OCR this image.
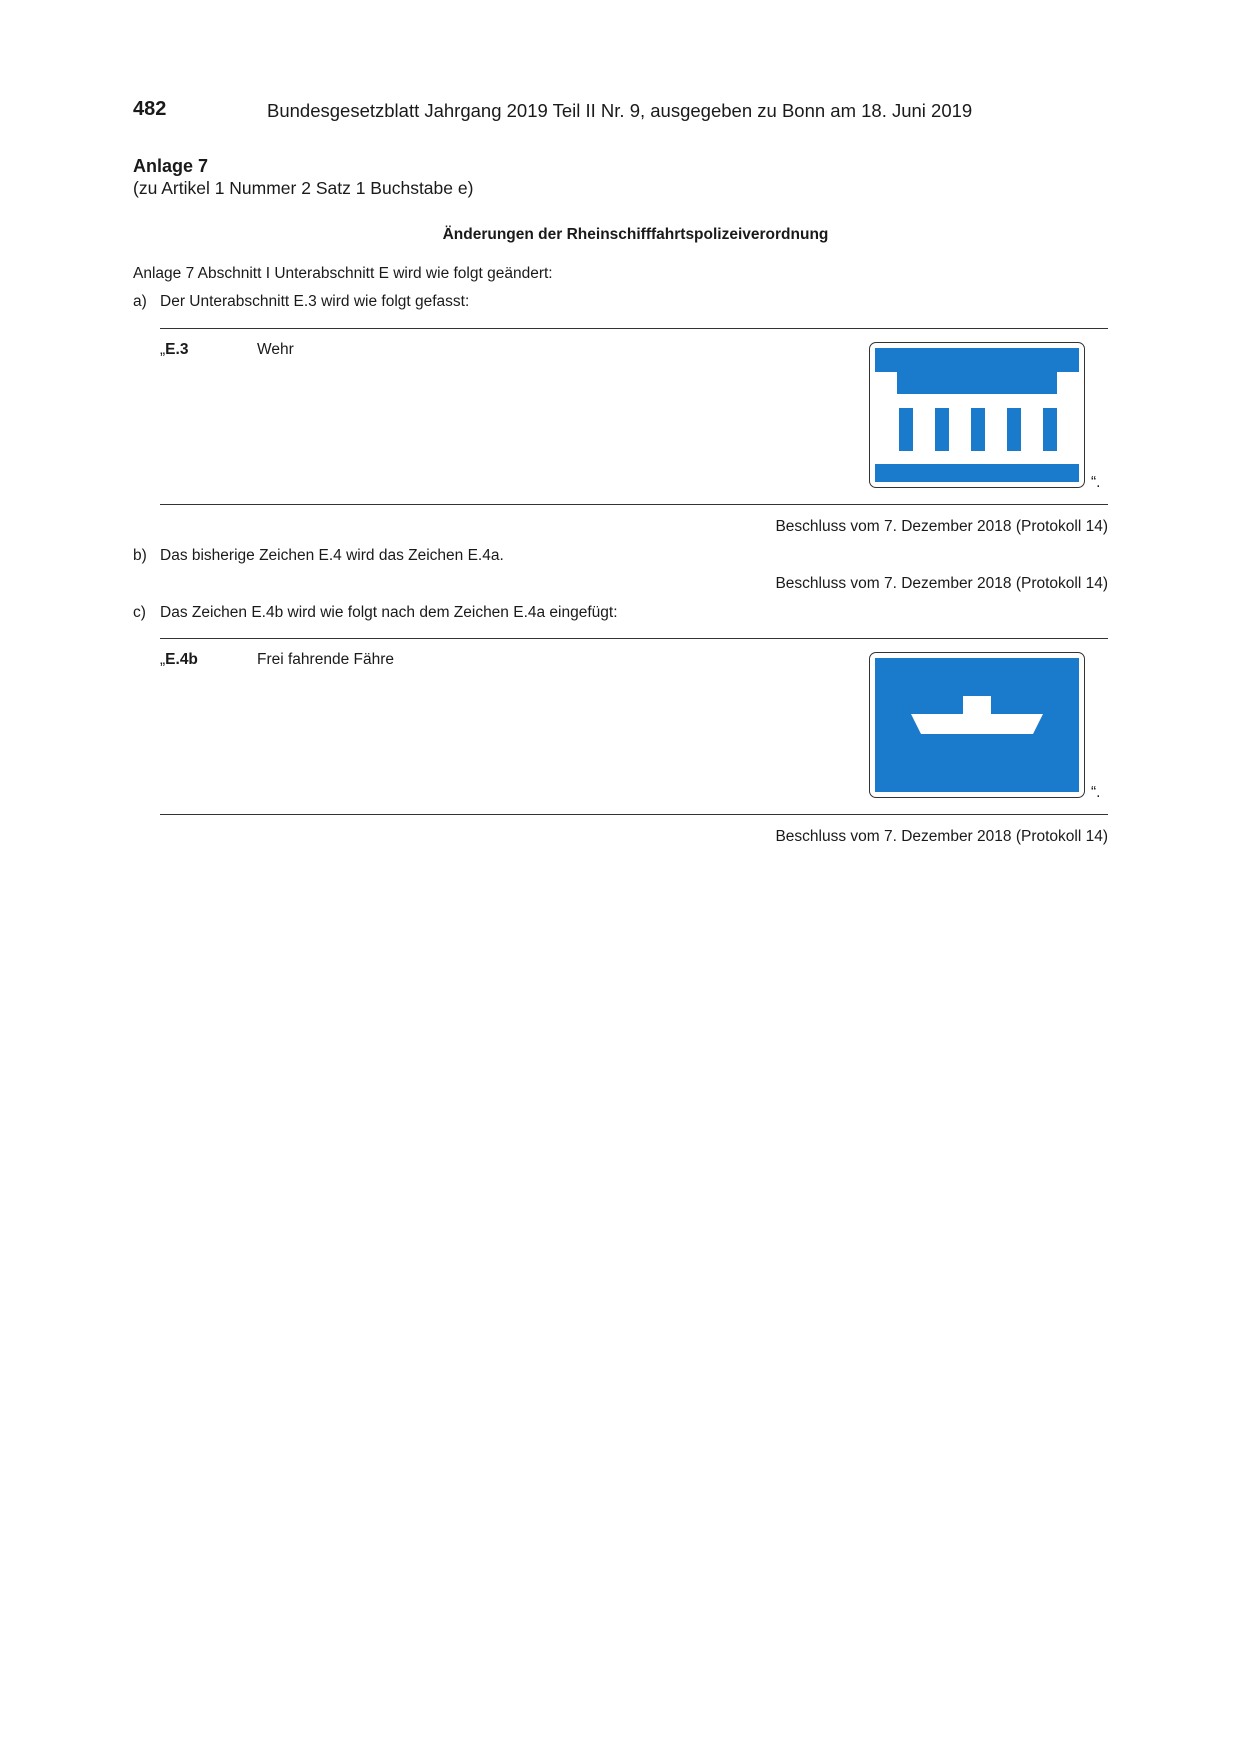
482	Bundesgesetzblatt Jahrgang 2019 Teil II Nr. 9, ausgegeben zu Bonn am 18. Juni 2019
Anlage 7
(zu Artikel 1 Nummer 2 Satz 1 Buchstabe e)
Änderungen der Rheinschifffahrtspolizeiverordnung
Anlage 7 Abschnitt I Unterabschnitt E wird wie folgt geändert:
a) Der Unterabschnitt E.3 wird wie folgt gefasst:
„E.3	Wehr
“.
Beschluss vom 7. Dezember 2018 (Protokoll 14)
b) Das bisherige Zeichen E.4 wird das Zeichen E.4a.
Beschluss vom 7. Dezember 2018 (Protokoll 14)
c) Das Zeichen E.4b wird wie folgt nach dem Zeichen E.4a eingefügt:
„E.4b	Frei fahrende Fähre
“.
Beschluss vom 7. Dezember 2018 (Protokoll 14)
